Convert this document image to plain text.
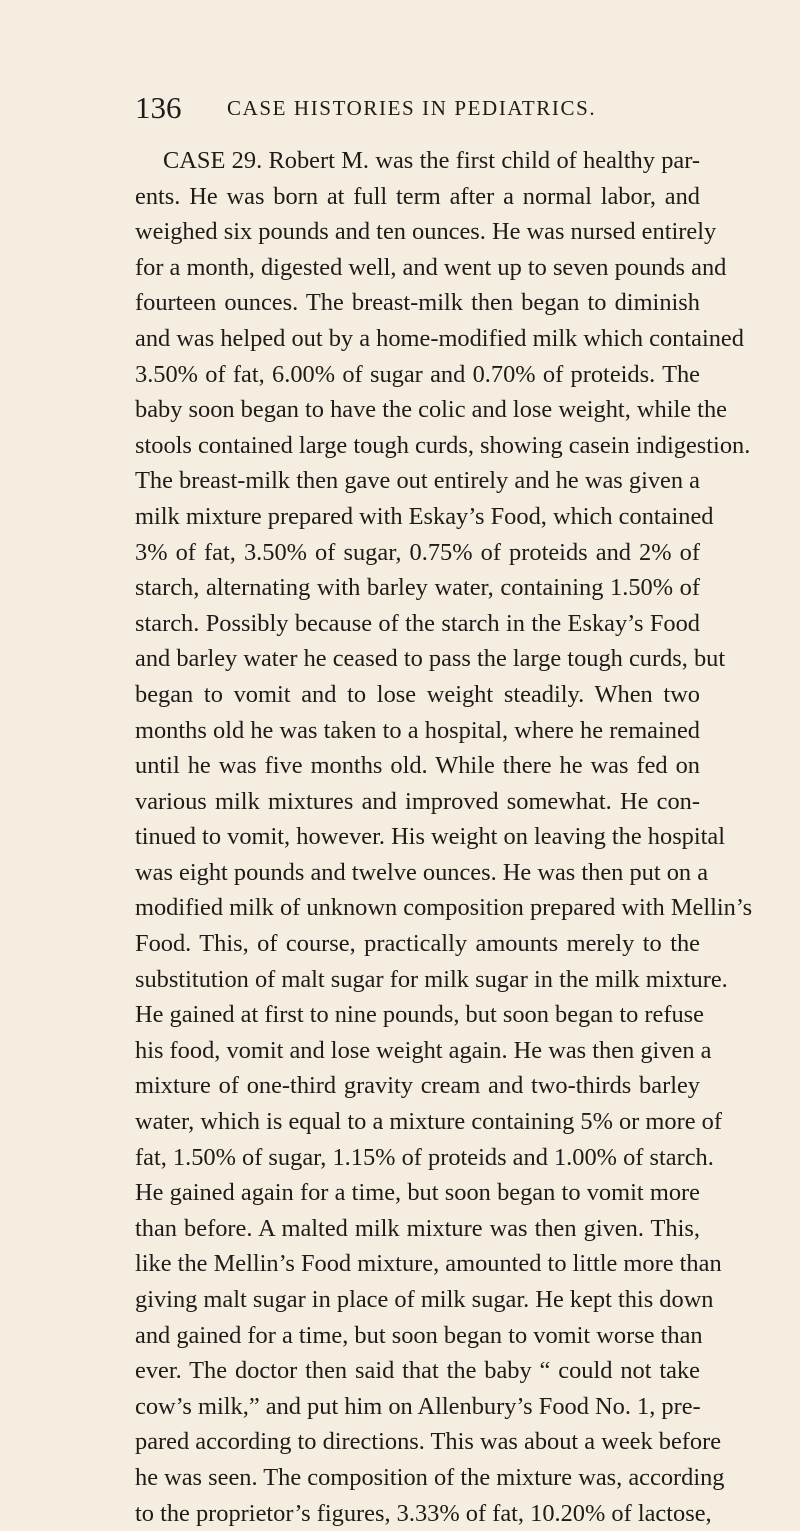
136 CASE HISTORIES IN PEDIATRICS.
CASE 29. Robert M. was the first child of healthy par-
ents. He was born at full term after a normal labor, and
weighed six pounds and ten ounces. He was nursed entirely
for a month, digested well, and went up to seven pounds and
fourteen ounces. The breast-milk then began to diminish
and was helped out by a home-modified milk which contained
3.50% of fat, 6.00% of sugar and 0.70% of proteids. The
baby soon began to have the colic and lose weight, while the
stools contained large tough curds, showing casein indigestion.
The breast-milk then gave out entirely and he was given a
milk mixture prepared with Eskay’s Food, which contained
3% of fat, 3.50% of sugar, 0.75% of proteids and 2% of
starch, alternating with barley water, containing 1.50% of
starch. Possibly because of the starch in the Eskay’s Food
and barley water he ceased to pass the large tough curds, but
began to vomit and to lose weight steadily. When two
months old he was taken to a hospital, where he remained
until he was five months old. While there he was fed on
various milk mixtures and improved somewhat. He con-
tinued to vomit, however. His weight on leaving the hospital
was eight pounds and twelve ounces. He was then put on a
modified milk of unknown composition prepared with Mellin’s
Food. This, of course, practically amounts merely to the
substitution of malt sugar for milk sugar in the milk mixture.
He gained at first to nine pounds, but soon began to refuse
his food, vomit and lose weight again. He was then given a
mixture of one-third gravity cream and two-thirds barley
water, which is equal to a mixture containing 5% or more of
fat, 1.50% of sugar, 1.15% of proteids and 1.00% of starch.
He gained again for a time, but soon began to vomit more
than before. A malted milk mixture was then given. This,
like the Mellin’s Food mixture, amounted to little more than
giving malt sugar in place of milk sugar. He kept this down
and gained for a time, but soon began to vomit worse than
ever. The doctor then said that the baby “ could not take
cow’s milk,” and put him on Allenbury’s Food No. 1, pre-
pared according to directions. This was about a week before
he was seen. The composition of the mixture was, according
to the proprietor’s figures, 3.33% of fat, 10.20% of lactose,
